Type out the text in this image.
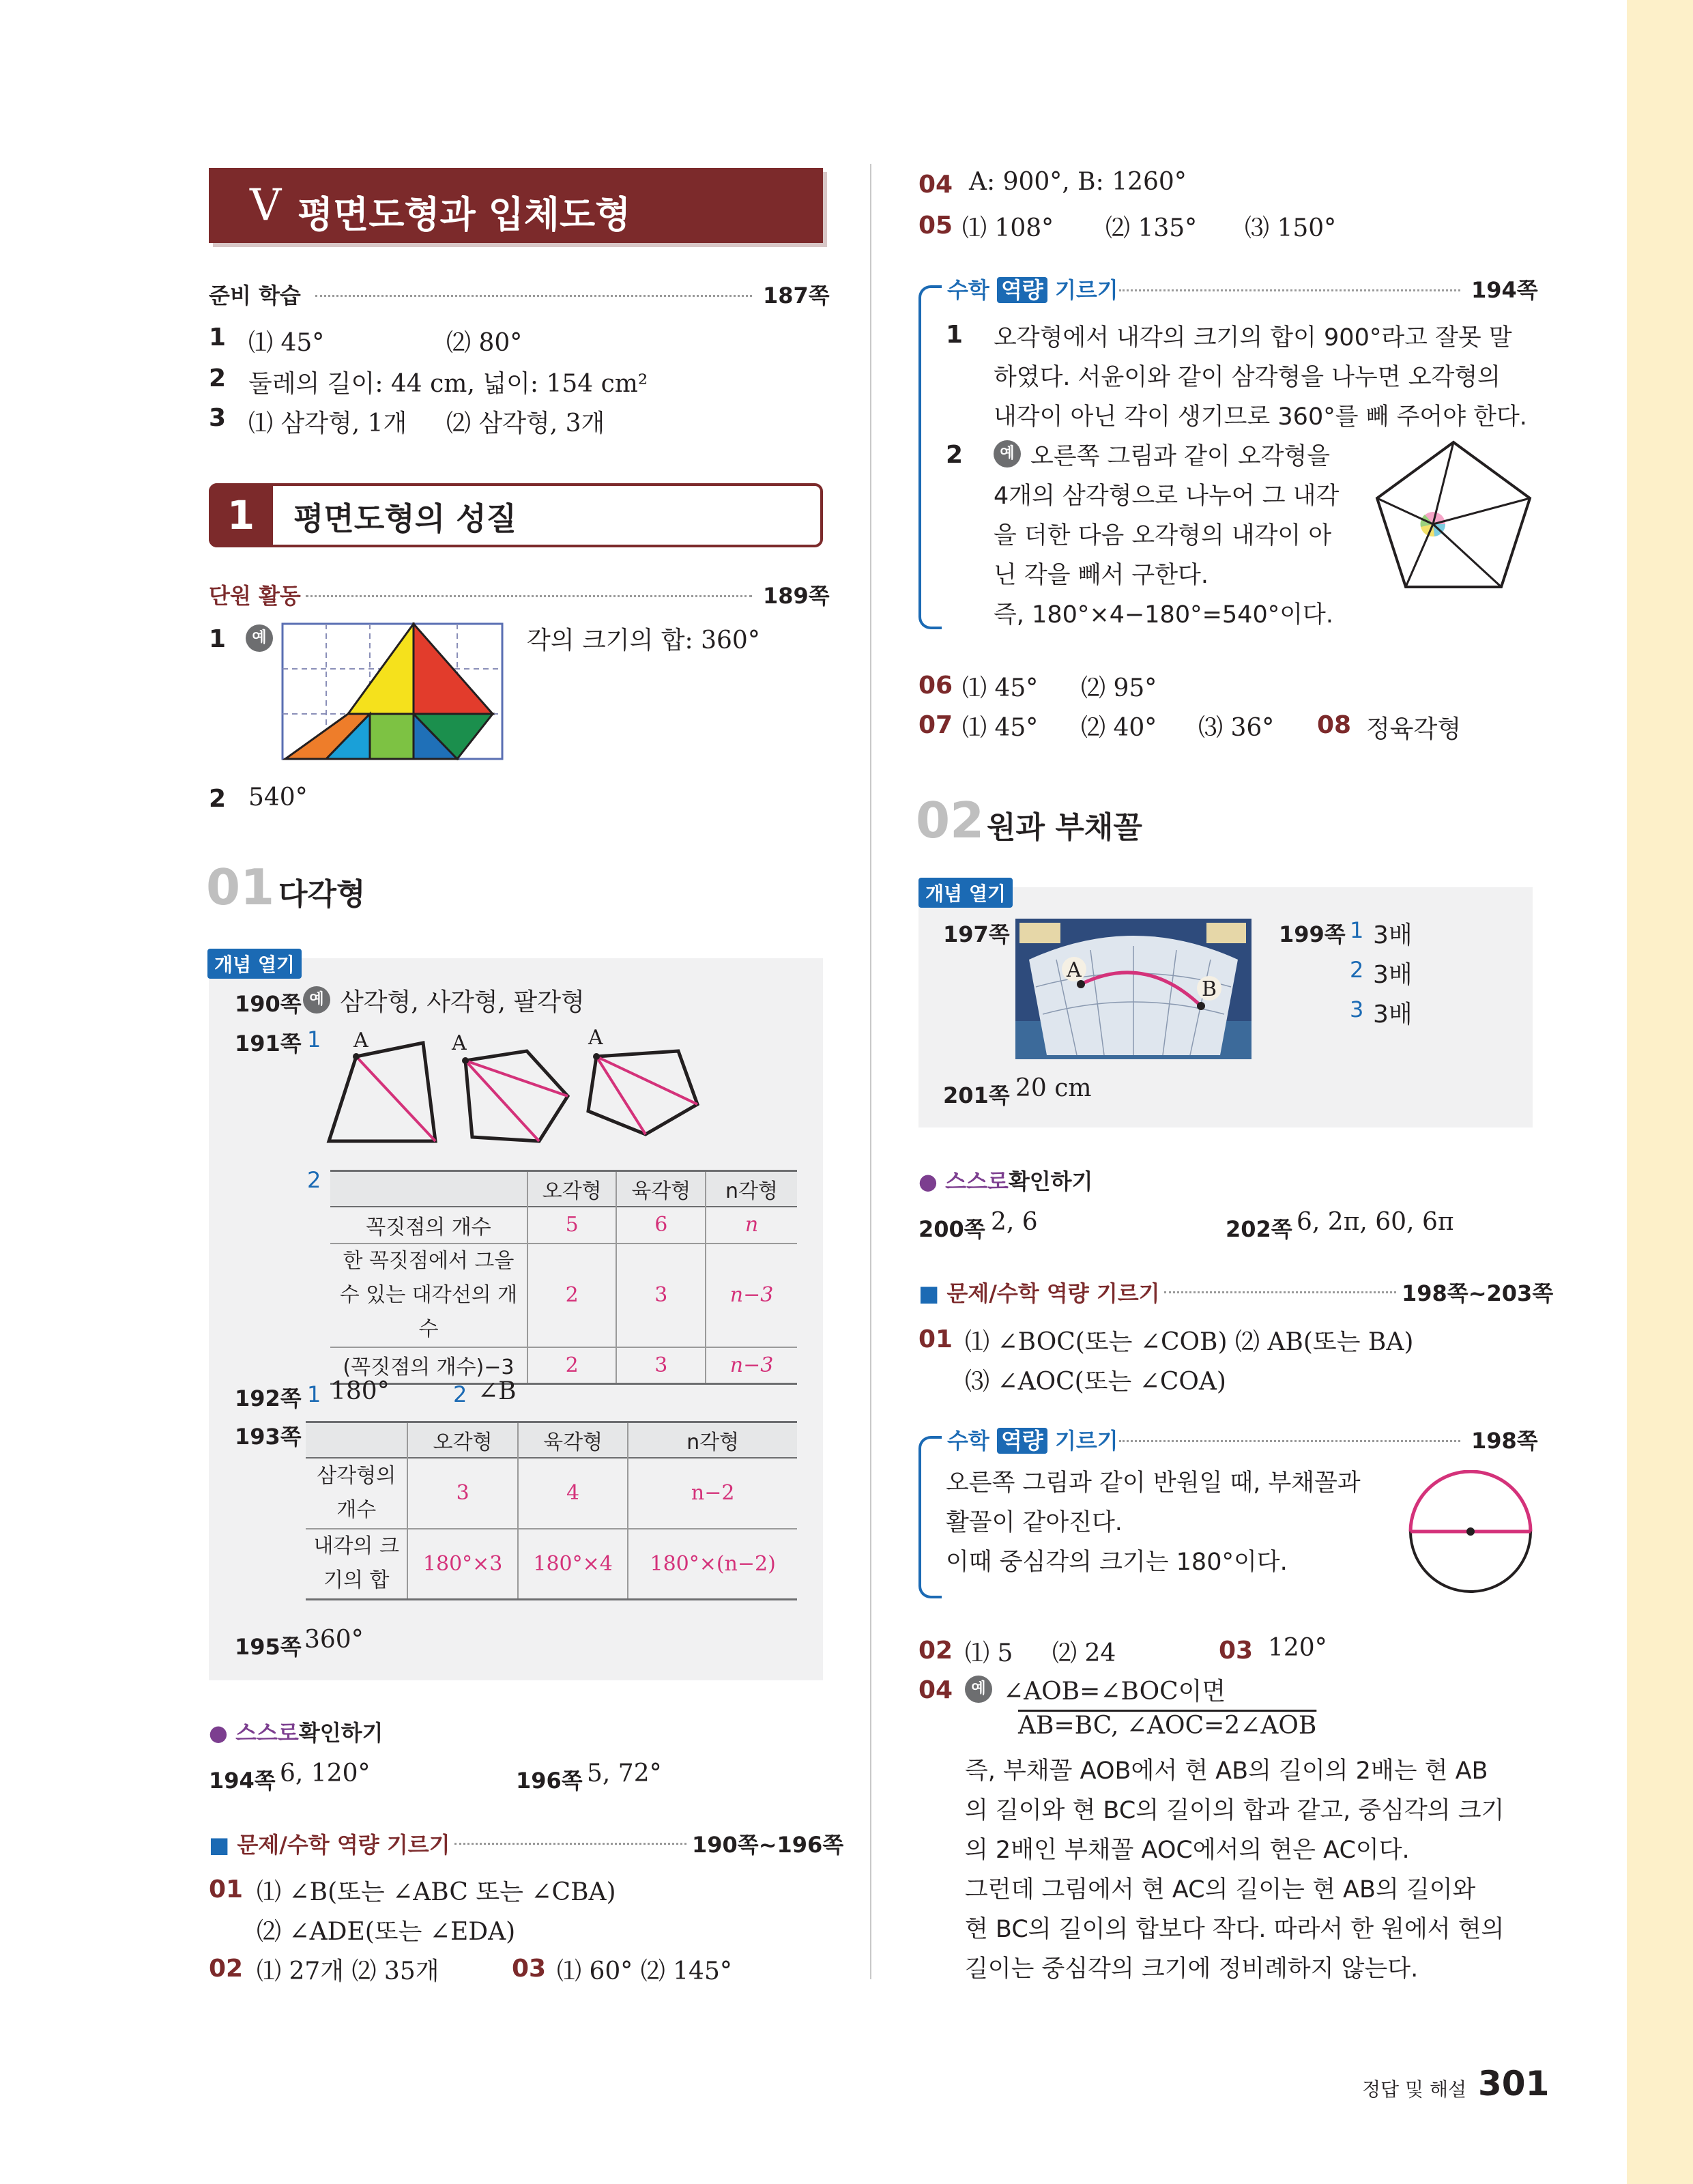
V 평면도형과 입체도형
준비 학습	187쪽
1 ⑴ 45°	⑵ 80°
2 둘레의 길이: 44 cm, 넓이: 154 cm²
3 ⑴ 삼각형, 1개 ⑵ 삼각형, 3개
1	평면도형의 성질
단원 활동	189쪽
1	예	각의 크기의 합: 360°
2 540°
01 다각형
개념 열기
190쪽 예 삼각형, 사각형, 팔각형
191쪽 1 A	A	A
2
		오각형	육각형	n각형
꼭짓점의 개수	5	6	n
한 꼭짓점에서 그을 수 있는 대각선의 개수	2	3	n−3
(꼭짓점의 개수)−3	2	3	n−3
192쪽 1 180°	2 ∠B
193쪽
		오각형	육각형	n각형
삼각형의 개수	3	4	n−2
내각의 크기의 합	180°×3	180°×4	180°×(n−2)
195쪽 360°
● 스스로확인하기
194쪽 6, 120°	196쪽 5, 72°
■ 문제/수학 역량 기르기	190쪽~196쪽
01 ⑴ ∠B(또는 ∠ABC 또는 ∠CBA)
⑵ ∠ADE(또는 ∠EDA)
02 ⑴ 27개 ⑵ 35개	03 ⑴ 60° ⑵ 145°
04 A: 900°, B: 1260°
05 ⑴ 108° ⑵ 135° ⑶ 150°
수학 역량 기르기	194쪽
1 오각형에서 내각의 크기의 합이 900°라고 잘못 말
하였다. 서윤이와 같이 삼각형을 나누면 오각형의
내각이 아닌 각이 생기므로 360°를 빼 주어야 한다.
2	예 오른쪽 그림과 같이 오각형을
4개의 삼각형으로 나누어 그 내각
을 더한 다음 오각형의 내각이 아
닌 각을 빼서 구한다.
즉, 180°×4−180°=540°이다.
06 ⑴ 45° ⑵ 95°
07 ⑴ 45° ⑵ 40° ⑶ 36° 08 정육각형
02 원과 부채꼴
개념 열기
197쪽
A
B
199쪽 1 3배
2 3배
3 3배
201쪽 20 cm
● 스스로확인하기
200쪽 2, 6	202쪽 6, 2π, 60, 6π
■ 문제/수학 역량 기르기	198쪽~203쪽
01 ⑴ ∠BOC(또는 ∠COB) ⑵ AB(또는 BA)
⑶ ∠AOC(또는 ∠COA)
수학 역량 기르기	198쪽
오른쪽 그림과 같이 반원일 때, 부채꼴과
활꼴이 같아진다.
이때 중심각의 크기는 180°이다.
02 ⑴ 5 ⑵ 24	03 120°
04	예 ∠AOB=∠BOC이면
AB=BC, ∠AOC=2∠AOB
즉, 부채꼴 AOB에서 현 AB의 길이의 2배는 현 AB
의 길이와 현 BC의 길이의 합과 같고, 중심각의 크기
의 2배인 부채꼴 AOC에서의 현은 AC이다.
그런데 그림에서 현 AC의 길이는 현 AB의 길이와
현 BC의 길이의 합보다 작다. 따라서 한 원에서 현의
길이는 중심각의 크기에 정비례하지 않는다.
정답 및 해설 301
